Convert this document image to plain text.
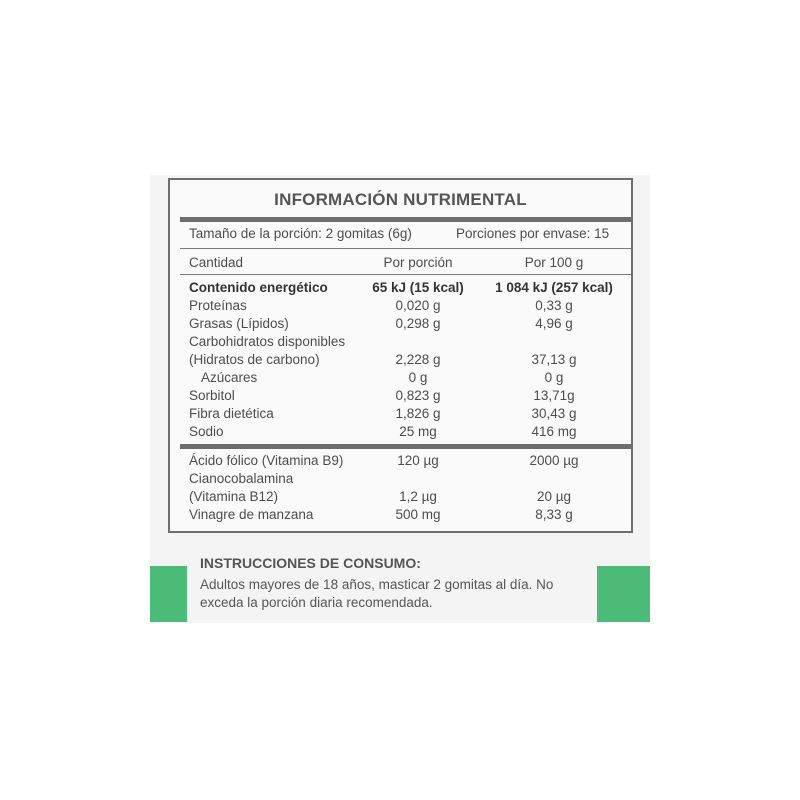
INFORMACIÓN NUTRIMENTAL
Tamaño de la porción: 2 gomitas (6g)	Porciones por envase: 15
Cantidad	Por porción	Por 100 g
Contenido energético	65 kJ (15 kcal)	1 084 kJ (257 kcal)
Proteínas	0,020 g	0,33 g
Grasas (Lípidos)	0,298 g	4,96 g
Carbohidratos disponibles
(Hidratos de carbono)	2,228 g	37,13 g
Azúcares	0 g	0 g
Sorbitol	0,823 g	13,71g
Fibra dietética	1,826 g	30,43 g
Sodio	25 mg	416 mg
Ácido fólico (Vitamina B9)	120 µg	2000 µg
Cianocobalamina
(Vitamina B12)	1,2 µg	20 µg
Vinagre de manzana	500 mg	8,33 g
INSTRUCCIONES DE CONSUMO:
Adultos mayores de 18 años, masticar 2 gomitas al día. No exceda la porción diaria recomendada.
